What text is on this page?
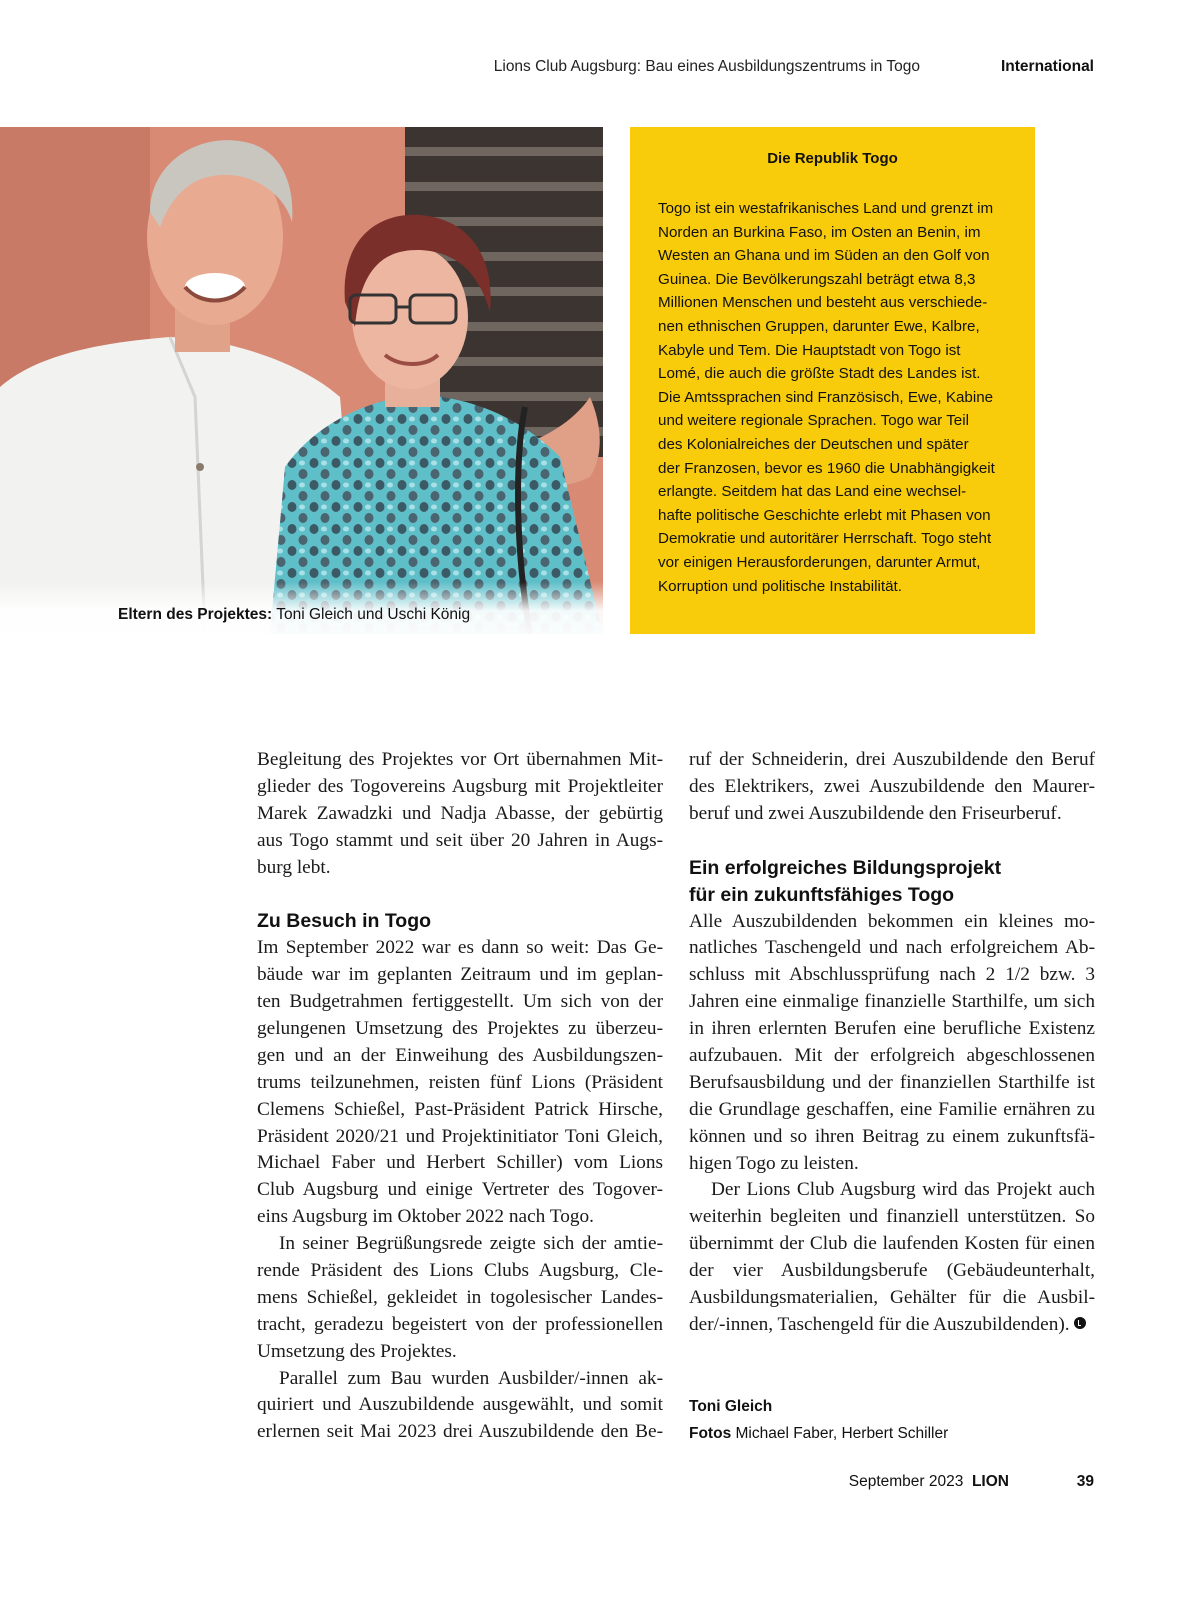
Lions Club Augsburg: Bau eines Ausbildungszentrums in Togo	International
Eltern des Projektes: Toni Gleich und Uschi König
Die Republik Togo
Togo ist ein westafrikanisches Land und grenzt im
Norden an Burkina Faso, im Osten an Benin, im
Westen an Ghana und im Süden an den Golf von
Guinea. Die Bevölkerungszahl beträgt etwa 8,3
Millionen Menschen und besteht aus verschiede-
nen ethnischen Gruppen, darunter Ewe, Kalbre,
Kabyle und Tem. Die Hauptstadt von Togo ist
Lomé, die auch die größte Stadt des Landes ist.
Die Amtssprachen sind Französisch, Ewe, Kabine
und weitere regionale Sprachen. Togo war Teil
des Kolonialreiches der Deutschen und später
der Franzosen, bevor es 1960 die Unabhängigkeit
erlangte. Seitdem hat das Land eine wechsel-
hafte politische Geschichte erlebt mit Phasen von
Demokratie und autoritärer Herrschaft. Togo steht
vor einigen Herausforderungen, darunter Armut,
Korruption und politische Instabilität.
Begleitung des Projektes vor Ort übernahmen Mit-
glieder des Togovereins Augsburg mit Projektleiter
Marek Zawadzki und Nadja Abasse, der gebürtig
aus Togo stammt und seit über 20 Jahren in Augs-
burg lebt.
Zu Besuch in Togo
Im September 2022 war es dann so weit: Das Ge-
bäude war im geplanten Zeitraum und im geplan-
ten Budgetrahmen fertiggestellt. Um sich von der
gelungenen Umsetzung des Projektes zu überzeu-
gen und an der Einweihung des Ausbildungszen-
trums teilzunehmen, reisten fünf Lions (Präsident
Clemens Schießel, Past-Präsident Patrick Hirsche,
Präsident 2020/21 und Projektinitiator Toni Gleich,
Michael Faber und Herbert Schiller) vom Lions
Club Augsburg und einige Vertreter des Togover-
eins Augsburg im Oktober 2022 nach Togo.
In seiner Begrüßungsrede zeigte sich der amtie-
rende Präsident des Lions Clubs Augsburg, Cle-
mens Schießel, gekleidet in togolesischer Landes-
tracht, geradezu begeistert von der professionellen
Umsetzung des Projektes.
Parallel zum Bau wurden Ausbilder/-innen ak-
quiriert und Auszubildende ausgewählt, und somit
erlernen seit Mai 2023 drei Auszubildende den Be-
ruf der Schneiderin, drei Auszubildende den Beruf
des Elektrikers, zwei Auszubildende den Maurer-
beruf und zwei Auszubildende den Friseurberuf.
Ein erfolgreiches Bildungsprojekt
für ein zukunftsfähiges Togo
Alle Auszubildenden bekommen ein kleines mo-
natliches Taschengeld und nach erfolgreichem Ab-
schluss mit Abschlussprüfung nach 2 1/2 bzw. 3
Jahren eine einmalige finanzielle Starthilfe, um sich
in ihren erlernten Berufen eine berufliche Existenz
aufzubauen. Mit der erfolgreich abgeschlossenen
Berufsausbildung und der finanziellen Starthilfe ist
die Grundlage geschaffen, eine Familie ernähren zu
können und so ihren Beitrag zu einem zukunftsfä-
higen Togo zu leisten.
Der Lions Club Augsburg wird das Projekt auch
weiterhin begleiten und finanziell unterstützen. So
übernimmt der Club die laufenden Kosten für einen
der vier Ausbildungsberufe (Gebäudeunterhalt,
Ausbildungsmaterialien, Gehälter für die Ausbil-
der/-innen, Taschengeld für die Auszubildenden).
Toni Gleich
Fotos Michael Faber, Herbert Schiller
September 2023 LION	39
